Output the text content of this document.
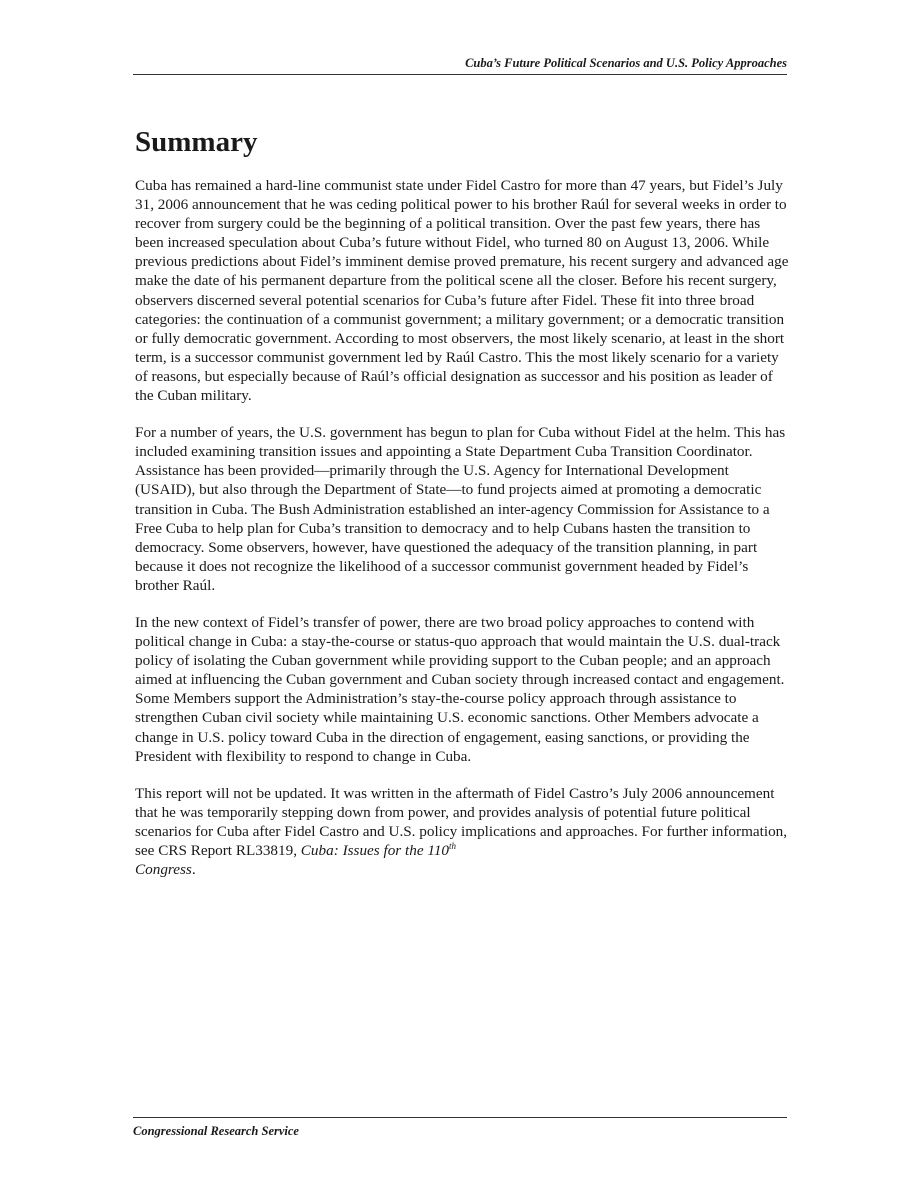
Cuba’s Future Political Scenarios and U.S. Policy Approaches
Summary

Cuba has remained a hard-line communist state under Fidel Castro for more than 47 years, but Fidel’s July 31, 2006 announcement that he was ceding political power to his brother Raúl for several weeks in order to recover from surgery could be the beginning of a political transition. Over the past few years, there has been increased speculation about Cuba’s future without Fidel, who turned 80 on August 13, 2006. While previous predictions about Fidel’s imminent demise proved premature, his recent surgery and advanced age make the date of his permanent departure from the political scene all the closer. Before his recent surgery, observers discerned several potential scenarios for Cuba’s future after Fidel. These fit into three broad categories: the continuation of a communist government; a military government; or a democratic transition or fully democratic government. According to most observers, the most likely scenario, at least in the short term, is a successor communist government led by Raúl Castro. This the most likely scenario for a variety of reasons, but especially because of Raúl’s official designation as successor and his position as leader of the Cuban military.

For a number of years, the U.S. government has begun to plan for Cuba without Fidel at the helm. This has included examining transition issues and appointing a State Department Cuba Transition Coordinator. Assistance has been provided—primarily through the U.S. Agency for International Development (USAID), but also through the Department of State—to fund projects aimed at promoting a democratic transition in Cuba. The Bush Administration established an inter-agency Commission for Assistance to a Free Cuba to help plan for Cuba’s transition to democracy and to help Cubans hasten the transition to democracy. Some observers, however, have questioned the adequacy of the transition planning, in part because it does not recognize the likelihood of a successor communist government headed by Fidel’s brother Raúl.

In the new context of Fidel’s transfer of power, there are two broad policy approaches to contend with political change in Cuba: a stay-the-course or status-quo approach that would maintain the U.S. dual-track policy of isolating the Cuban government while providing support to the Cuban people; and an approach aimed at influencing the Cuban government and Cuban society through increased contact and engagement. Some Members support the Administration’s stay-the-course policy approach through assistance to strengthen Cuban civil society while maintaining U.S. economic sanctions. Other Members advocate a change in U.S. policy toward Cuba in the direction of engagement, easing sanctions, or providing the President with flexibility to respond to change in Cuba.

This report will not be updated. It was written in the aftermath of Fidel Castro’s July 2006 announcement that he was temporarily stepping down from power, and provides analysis of potential future political scenarios for Cuba after Fidel Castro and U.S. policy implications and approaches. For further information, see CRS Report RL33819, Cuba: Issues for the 110th
Congress.

Congressional Research Service
